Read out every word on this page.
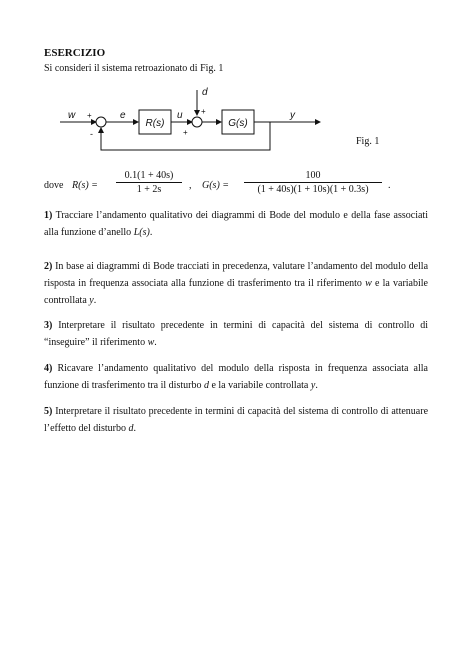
ESERCIZIO
Si consideri il sistema retroazionato di Fig. 1
R(s)	G(s)
w	e	u
d
y
+
-
+
+
Fig. 1
dove $R(s) = \frac{0.1(1 + 40s)}{1 + 2s}$ , $G(s) = \frac{100}{(1 + 40s)(1 + 10s)(1 + 0.3s)}$ .

1) Tracciare l’andamento qualitativo dei diagrammi di Bode del modulo e della fase associati alla funzione d’anello L(s).

2) In base ai diagrammi di Bode tracciati in precedenza, valutare l’andamento del modulo della risposta in frequenza associata alla funzione di trasferimento tra il riferimento w e la variabile controllata y.

3) Interpretare il risultato precedente in termini di capacità del sistema di controllo di “inseguire” il riferimento w.

4) Ricavare l’andamento qualitativo del modulo della risposta in frequenza associata alla funzione di trasferimento tra il disturbo d e la variabile controllata y.

5) Interpretare il risultato precedente in termini di capacità del sistema di controllo di attenuare l’effetto del disturbo d.
